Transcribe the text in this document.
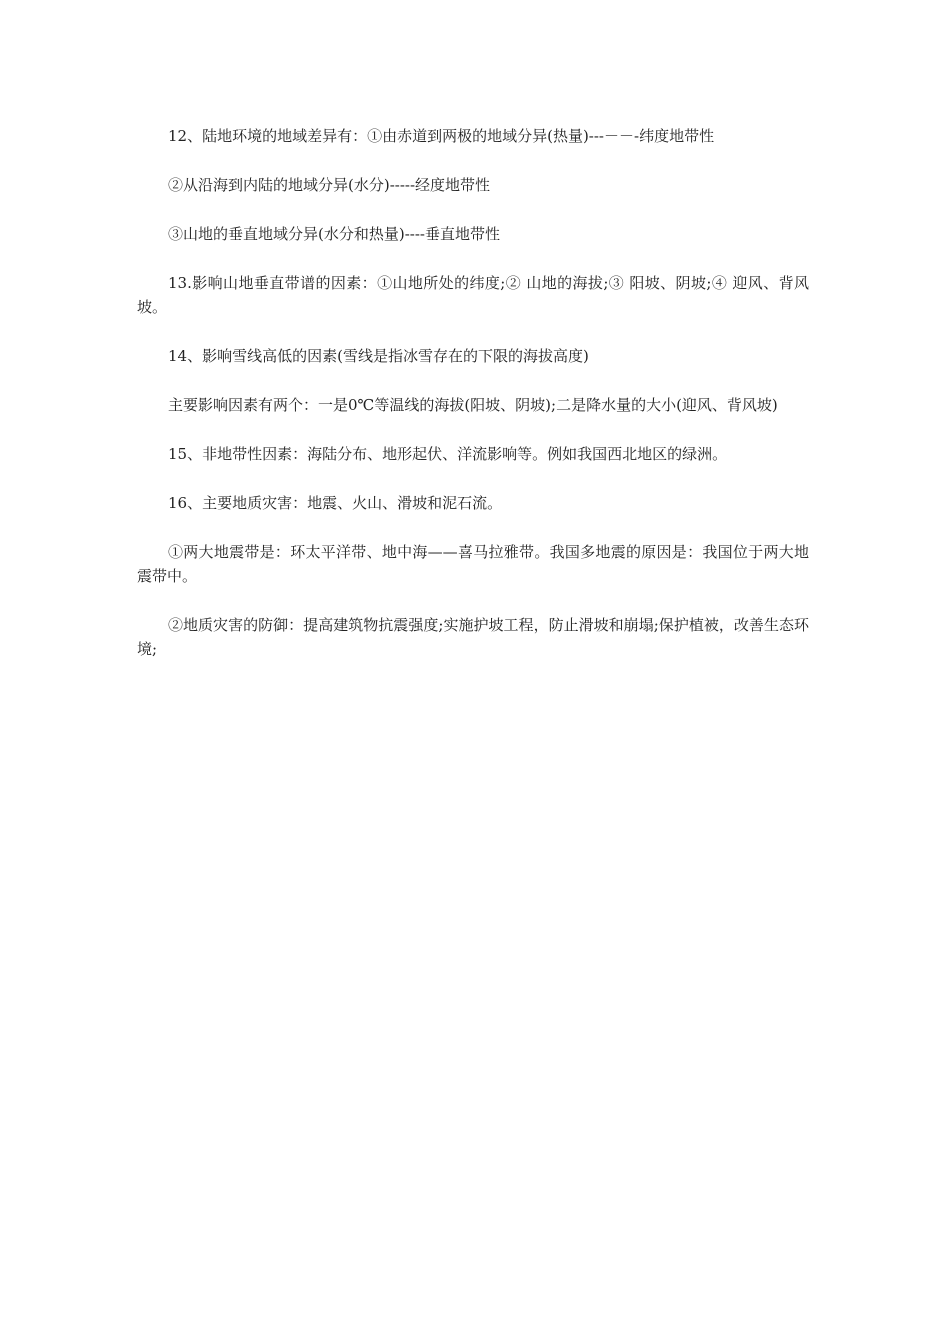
12、陆地环境的地域差异有：①由赤道到两极的地域分异(热量)---－－-纬度地带性

②从沿海到内陆的地域分异(水分)-----经度地带性

③山地的垂直地域分异(水分和热量)----垂直地带性

13.影响山地垂直带谱的因素：①山地所处的纬度;② 山地的海拔;③ 阳坡、阴坡;④ 迎风、背风坡。

14、影响雪线高低的因素(雪线是指冰雪存在的下限的海拔高度)

主要影响因素有两个：一是0℃等温线的海拔(阳坡、阴坡);二是降水量的大小(迎风、背风坡)

15、非地带性因素：海陆分布、地形起伏、洋流影响等。例如我国西北地区的绿洲。

16、主要地质灾害：地震、火山、滑坡和泥石流。

①两大地震带是：环太平洋带、地中海——喜马拉雅带。我国多地震的原因是：我国位于两大地震带中。

②地质灾害的防御：提高建筑物抗震强度;实施护坡工程，防止滑坡和崩塌;保护植被，改善生态环境;
